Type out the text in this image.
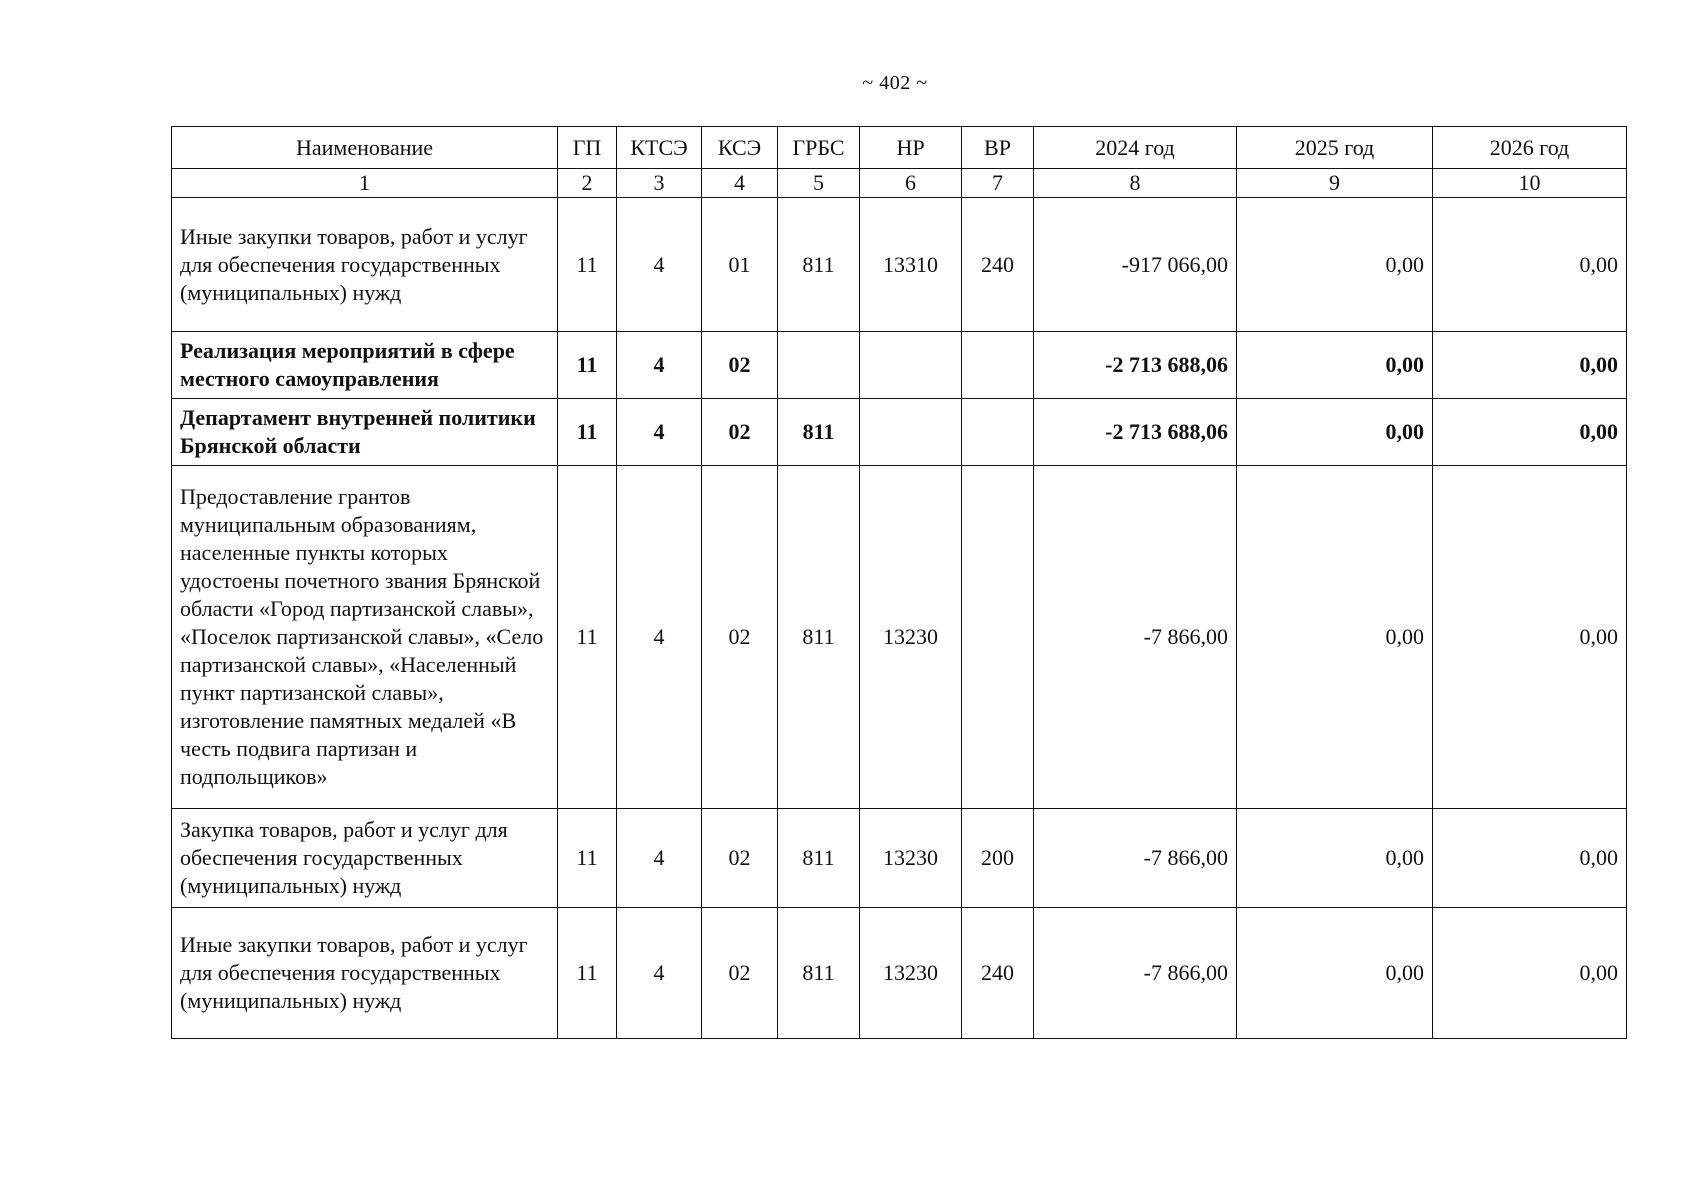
~ 402 ~
Наименование	ГП	КТСЭ	КСЭ	ГРБС	НР	ВР	2024 год	2025 год	2026 год
1	2	3	4	5	6	7	8	9	10
Иные закупки товаров, работ и услуг для обеспечения государственных (муниципальных) нужд	11	4	01	811	13310	240	-917 066,00	0,00	0,00
Реализация мероприятий в сфере местного самоуправления	11	4	02				-2 713 688,06	0,00	0,00
Департамент внутренней политики Брянской области	11	4	02	811			-2 713 688,06	0,00	0,00
Предоставление грантов муниципальным образованиям, населенные пункты которых удостоены почетного звания Брянской области «Город партизанской славы», «Поселок партизанской славы», «Село партизанской славы», «Населенный пункт партизанской славы», изготовление памятных медалей «В честь подвига партизан и подпольщиков»	11	4	02	811	13230		-7 866,00	0,00	0,00
Закупка товаров, работ и услуг для обеспечения государственных (муниципальных) нужд	11	4	02	811	13230	200	-7 866,00	0,00	0,00
Иные закупки товаров, работ и услуг для обеспечения государственных (муниципальных) нужд	11	4	02	811	13230	240	-7 866,00	0,00	0,00
